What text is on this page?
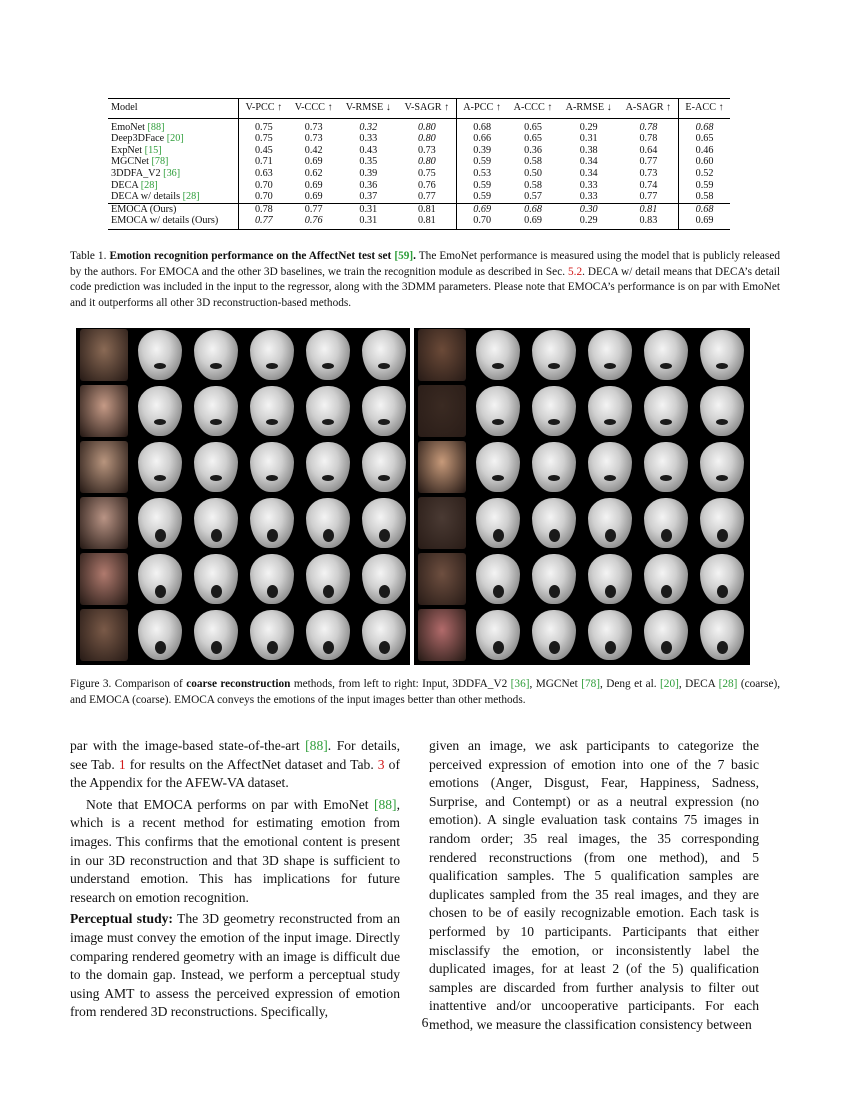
Model	V-PCC ↑	V-CCC ↑	V-RMSE ↓	V-SAGR ↑	A-PCC ↑	A-CCC ↑	A-RMSE ↓	A-SAGR ↑	E-ACC ↑
EmoNet [88]	0.75	0.73	0.32	0.80	0.68	0.65	0.29	0.78	0.68
Deep3DFace [20]	0.75	0.73	0.33	0.80	0.66	0.65	0.31	0.78	0.65
ExpNet [15]	0.45	0.42	0.43	0.73	0.39	0.36	0.38	0.64	0.46
MGCNet [78]	0.71	0.69	0.35	0.80	0.59	0.58	0.34	0.77	0.60
3DDFA_V2 [36]	0.63	0.62	0.39	0.75	0.53	0.50	0.34	0.73	0.52
DECA [28]	0.70	0.69	0.36	0.76	0.59	0.58	0.33	0.74	0.59
DECA w/ details [28]	0.70	0.69	0.37	0.77	0.59	0.57	0.33	0.77	0.58
EMOCA (Ours)	0.78	0.77	0.31	0.81	0.69	0.68	0.30	0.81	0.68
EMOCA w/ details (Ours)	0.77	0.76	0.31	0.81	0.70	0.69	0.29	0.83	0.69
Table 1. Emotion recognition performance on the AffectNet test set [59]. The EmoNet performance is measured using the model that is publicly released by the authors. For EMOCA and the other 3D baselines, we train the recognition module as described in Sec. 5.2. DECA w/ detail means that DECA’s detail code prediction was included in the input to the regressor, along with the 3DMM parameters. Please note that EMOCA’s performance is on par with EmoNet and it outperforms all other 3D reconstruction-based methods.
Figure 3. Comparison of coarse reconstruction methods, from left to right: Input, 3DDFA_V2 [36], MGCNet [78], Deng et al. [20], DECA [28] (coarse), and EMOCA (coarse). EMOCA conveys the emotions of the input images better than other methods.

par with the image-based state-of-the-art [88]. For details, see Tab. 1 for results on the AffectNet dataset and Tab. 3 of the Appendix for the AFEW-VA dataset.

Note that EMOCA performs on par with EmoNet [88], which is a recent method for estimating emotion from images. This confirms that the emotional content is present in our 3D reconstruction and that 3D shape is sufficient to understand emotion. This has implications for future research on emotion recognition.

Perceptual study: The 3D geometry reconstructed from an image must convey the emotion of the input image. Directly comparing rendered geometry with an image is difficult due to the domain gap. Instead, we perform a perceptual study using AMT to assess the perceived expression of emotion from rendered 3D reconstructions. Specifically,

given an image, we ask participants to categorize the perceived expression of emotion into one of the 7 basic emotions (Anger, Disgust, Fear, Happiness, Sadness, Surprise, and Contempt) or as a neutral expression (no emotion). A single evaluation task contains 75 images in random order; 35 real images, the 35 corresponding rendered reconstructions (from one method), and 5 qualification samples. The 5 qualification samples are duplicates sampled from the 35 real images, and they are chosen to be of easily recognizable emotion. Each task is performed by 10 participants. Participants that either misclassify the emotion, or inconsistently label the duplicated images, for at least 2 (of the 5) qualification samples are discarded from further analysis to filter out inattentive and/or uncooperative participants. For each method, we measure the classification consistency between

6
